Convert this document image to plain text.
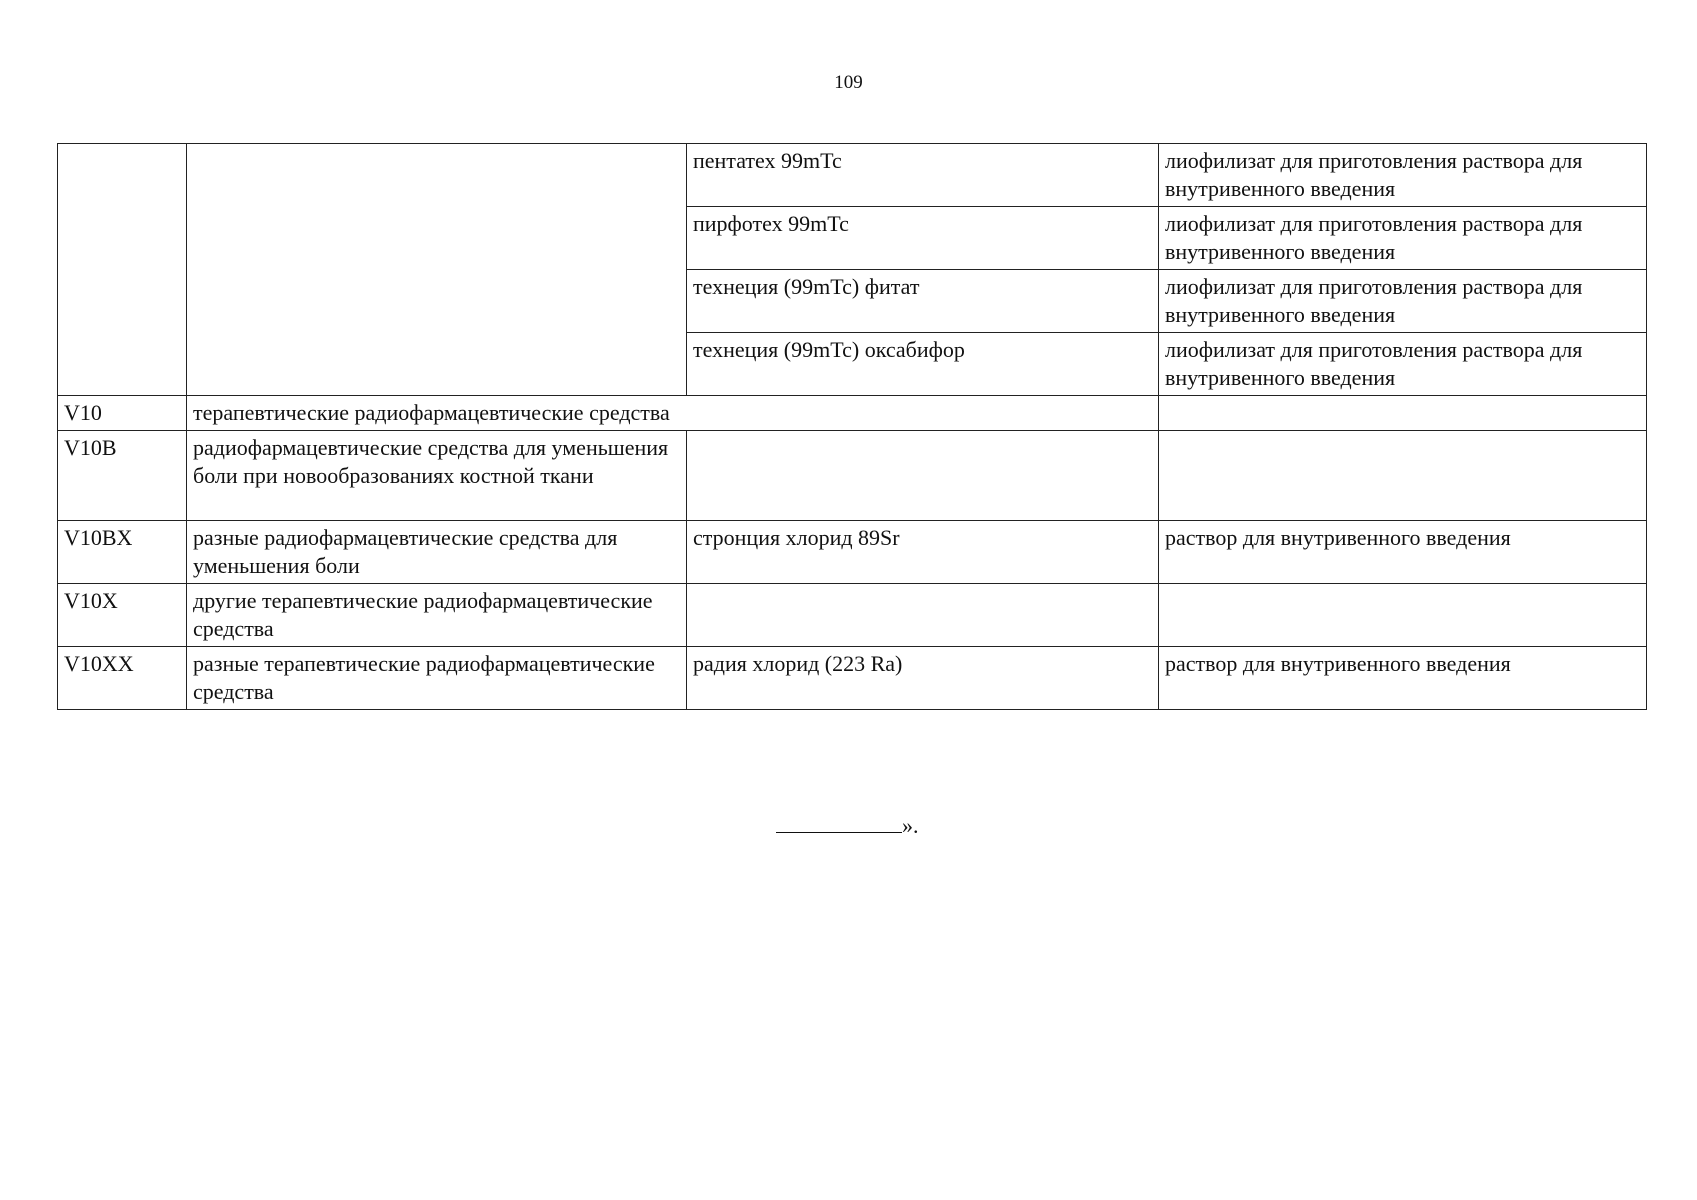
109
		пентатех 99mTc	лиофилизат для приготовления раствора для внутривенного введения
		пирфотех 99mTc	лиофилизат для приготовления раствора для внутривенного введения
		технеция (99mTc) фитат	лиофилизат для приготовления раствора для внутривенного введения
		технеция (99mTc) оксабифор	лиофилизат для приготовления раствора для внутривенного введения
V10	терапевтические радиофармацевтические средства		
V10B	радиофармацевтические средства для уменьшения боли при новообразованиях костной ткани		
V10BX	разные радиофармацевтические средства для уменьшения боли	стронция хлорид 89Sr	раствор для внутривенного введения
V10X	другие терапевтические радиофармацевтические средства		
V10XX	разные терапевтические радиофармацевтические средства	радия хлорид (223 Ra)	раствор для внутривенного введения
».
